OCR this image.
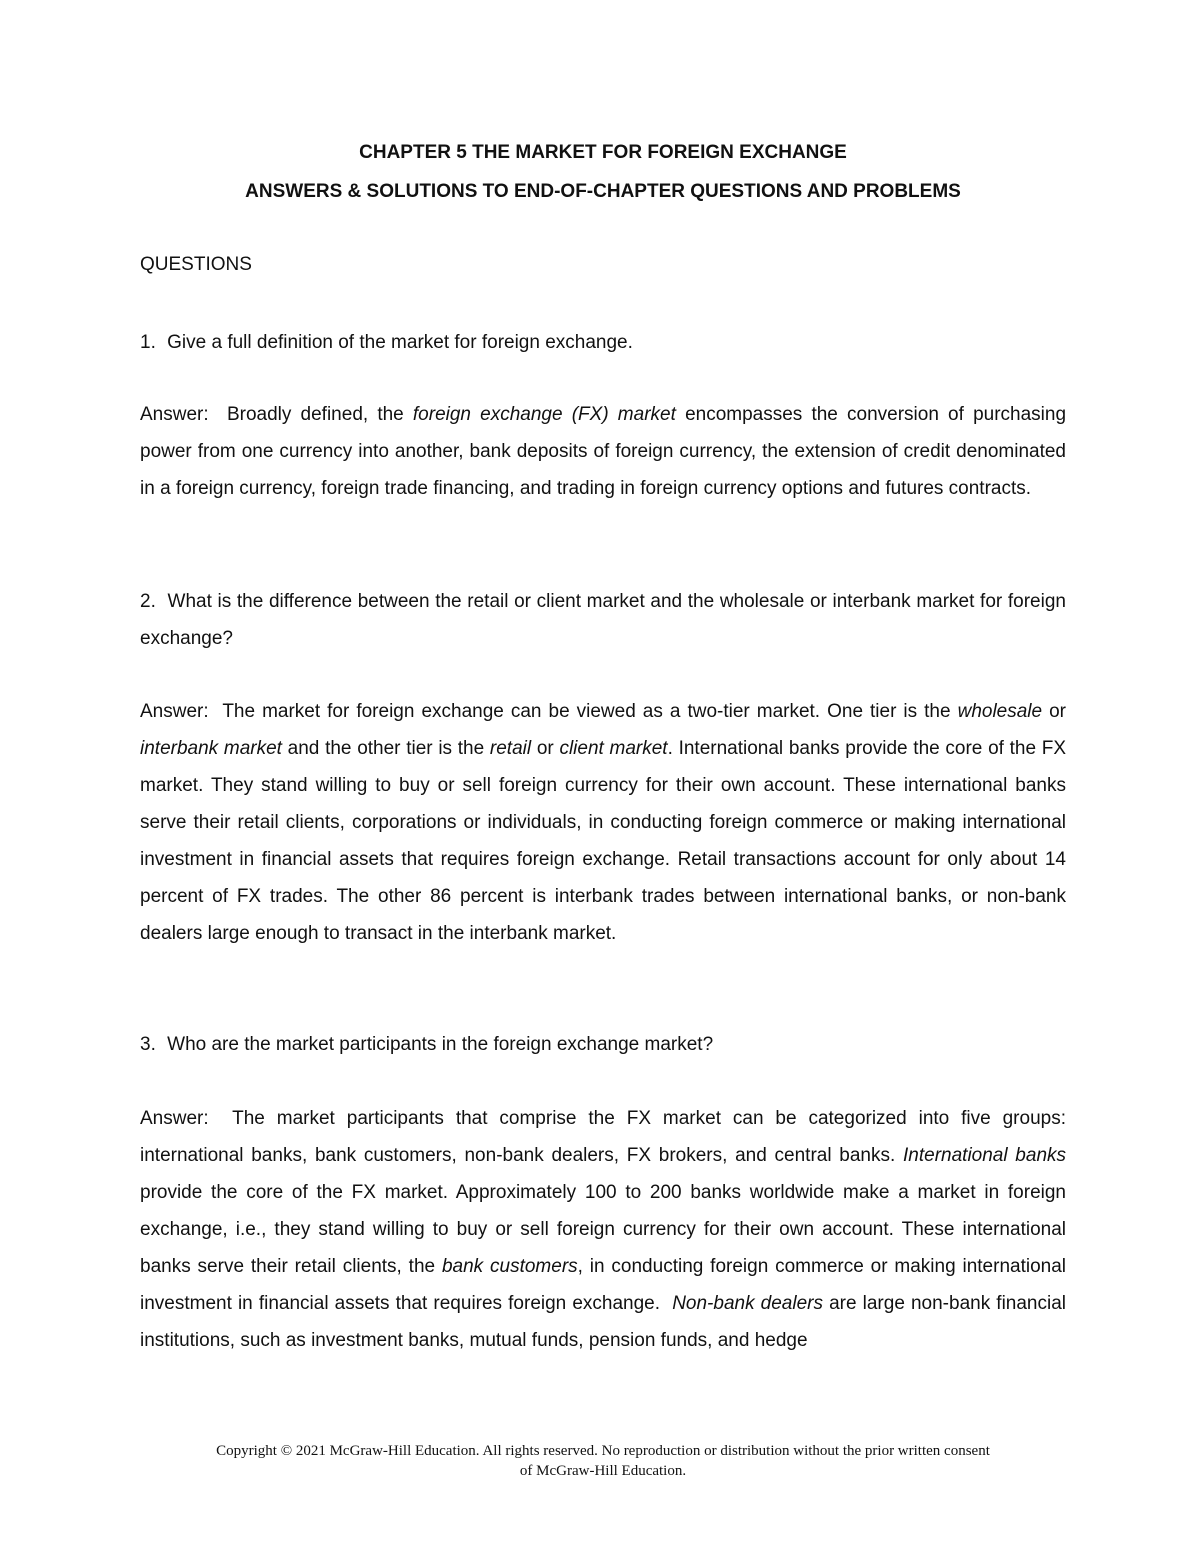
CHAPTER 5 THE MARKET FOR FOREIGN EXCHANGE
ANSWERS & SOLUTIONS TO END-OF-CHAPTER QUESTIONS AND PROBLEMS

QUESTIONS

1. Give a full definition of the market for foreign exchange.

Answer: Broadly defined, the foreign exchange (FX) market encompasses the conversion of purchasing power from one currency into another, bank deposits of foreign currency, the extension of credit denominated in a foreign currency, foreign trade financing, and trading in foreign currency options and futures contracts.

2. What is the difference between the retail or client market and the wholesale or interbank market for foreign exchange?

Answer: The market for foreign exchange can be viewed as a two-tier market. One tier is the wholesale or interbank market and the other tier is the retail or client market. International banks provide the core of the FX market. They stand willing to buy or sell foreign currency for their own account. These international banks serve their retail clients, corporations or individuals, in conducting foreign commerce or making international investment in financial assets that requires foreign exchange. Retail transactions account for only about 14 percent of FX trades. The other 86 percent is interbank trades between international banks, or non-bank dealers large enough to transact in the interbank market.

3. Who are the market participants in the foreign exchange market?

Answer: The market participants that comprise the FX market can be categorized into five groups: international banks, bank customers, non-bank dealers, FX brokers, and central banks. International banks provide the core of the FX market. Approximately 100 to 200 banks worldwide make a market in foreign exchange, i.e., they stand willing to buy or sell foreign currency for their own account. These international banks serve their retail clients, the bank customers, in conducting foreign commerce or making international investment in financial assets that requires foreign exchange. Non-bank dealers are large non-bank financial institutions, such as investment banks, mutual funds, pension funds, and hedge

Copyright © 2021 McGraw-Hill Education. All rights reserved. No reproduction or distribution without the prior written consent
of McGraw-Hill Education.
